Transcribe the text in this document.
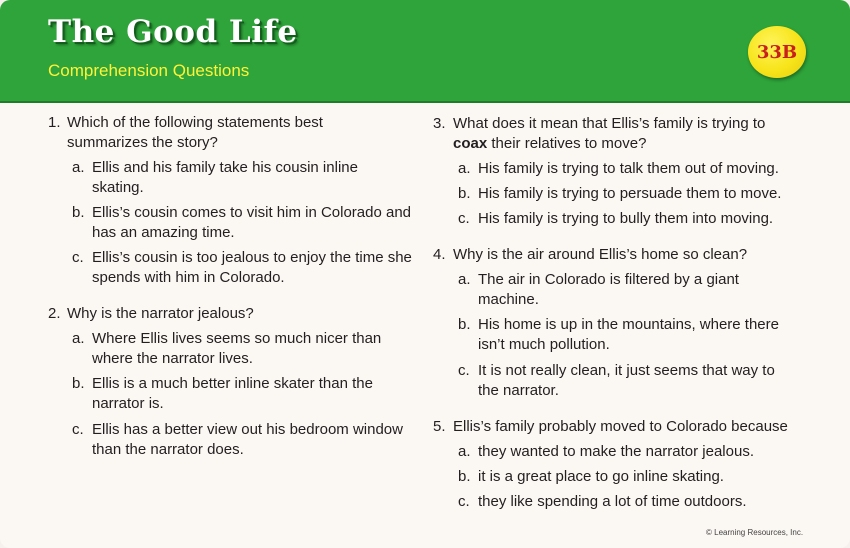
The Good Life
Comprehension Questions
33B
1. Which of the following statements best
summarizes the story?
a. Ellis and his family take his cousin inline
skating.
b. Ellis’s cousin comes to visit him in Colorado and
has an amazing time.
c. Ellis’s cousin is too jealous to enjoy the time she
spends with him in Colorado.
2. Why is the narrator jealous?
a. Where Ellis lives seems so much nicer than
where the narrator lives.
b. Ellis is a much better inline skater than the
narrator is.
c. Ellis has a better view out his bedroom window
than the narrator does.
3. What does it mean that Ellis’s family is trying to
coax their relatives to move?
a. His family is trying to talk them out of moving.
b. His family is trying to persuade them to move.
c. His family is trying to bully them into moving.
4. Why is the air around Ellis’s home so clean?
a. The air in Colorado is filtered by a giant
machine.
b. His home is up in the mountains, where there
isn’t much pollution.
c. It is not really clean, it just seems that way to
the narrator.
5. Ellis’s family probably moved to Colorado because
a. they wanted to make the narrator jealous.
b. it is a great place to go inline skating.
c. they like spending a lot of time outdoors.
© Learning Resources, Inc.
